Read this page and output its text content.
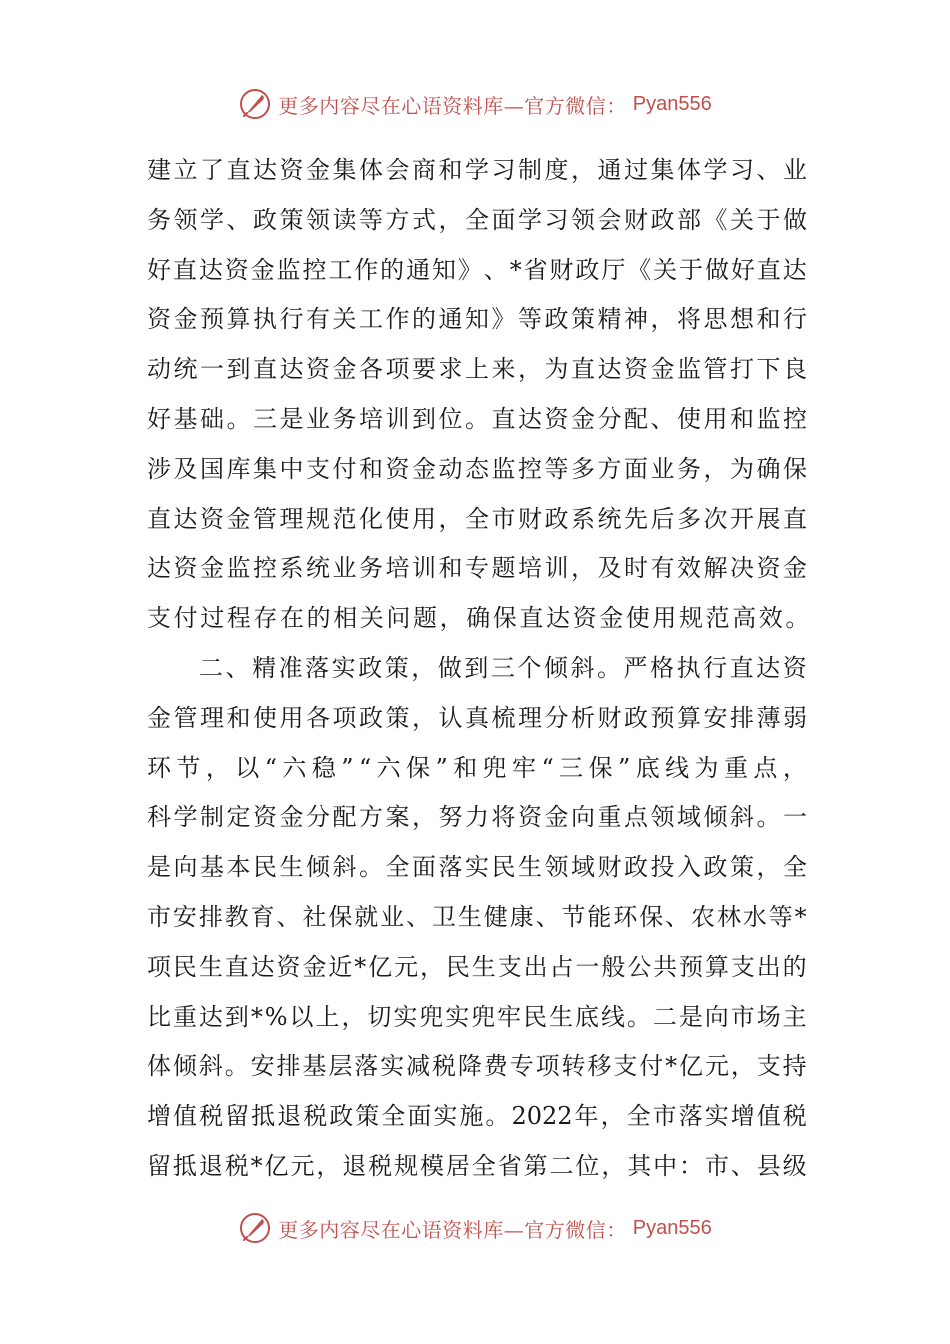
更多内容尽在心语资料库—官方微信： Pyan556
建 立 了 直 达 资 金 集 体 会 商 和 学 习 制 度 ， 通 过 集 体 学 习 、 业
务 领 学 、 政 策 领 读 等 方 式 ， 全 面 学 习 领 会 财 政 部 《 关 于 做
好 直 达 资 金 监 控 工 作 的 通 知 》 、 * 省 财 政 厅 《 关 于 做 好 直 达
资 金 预 算 执 行 有 关 工 作 的 通 知 》 等 政 策 精 神 ， 将 思 想 和 行
动 统 一 到 直 达 资 金 各 项 要 求 上 来 ， 为 直 达 资 金 监 管 打 下 良
好 基 础 。 三 是 业 务 培 训 到 位 。 直 达 资 金 分 配 、 使 用 和 监 控
涉 及 国 库 集 中 支 付 和 资 金 动 态 监 控 等 多 方 面 业 务 ， 为 确 保
直 达 资 金 管 理 规 范 化 使 用 ， 全 市 财 政 系 统 先 后 多 次 开 展 直
达 资 金 监 控 系 统 业 务 培 训 和 专 题 培 训 ， 及 时 有 效 解 决 资 金
支付过程存在的相关问题，确保直达资金使用规范高效。
二 、 精 准 落 实 政 策 ， 做 到 三 个 倾 斜 。 严 格 执 行 直 达 资
金 管 理 和 使 用 各 项 政 策 ， 认 真 梳 理 分 析 财 政 预 算 安 排 薄 弱
环 节 ， 以 “ 六 稳 ” “ 六 保 ” 和 兜 牢 “ 三 保 ” 底 线 为 重 点 ，
科 学 制 定 资 金 分 配 方 案 ， 努 力 将 资 金 向 重 点 领 域 倾 斜 。 一
是 向 基 本 民 生 倾 斜 。 全 面 落 实 民 生 领 域 财 政 投 入 政 策 ， 全
市 安 排 教 育 、 社 保 就 业 、 卫 生 健 康 、 节 能 环 保 、 农 林 水 等 *
项 民 生 直 达 资 金 近 * 亿 元 ， 民 生 支 出 占 一 般 公 共 预 算 支 出 的
比 重 达 到 * % 以 上 ， 切 实 兜 实 兜 牢 民 生 底 线 。 二 是 向 市 场 主
体 倾 斜 。 安 排 基 层 落 实 减 税 降 费 专 项 转 移 支 付 * 亿 元 ， 支 持
增 值 税 留 抵 退 税 政 策 全 面 实 施 。 2022 年 ， 全 市 落 实 增 值 税
留 抵 退 税 * 亿 元 ， 退 税 规 模 居 全 省 第 二 位 ， 其 中 ： 市 、 县 级
更多内容尽在心语资料库—官方微信： Pyan556
